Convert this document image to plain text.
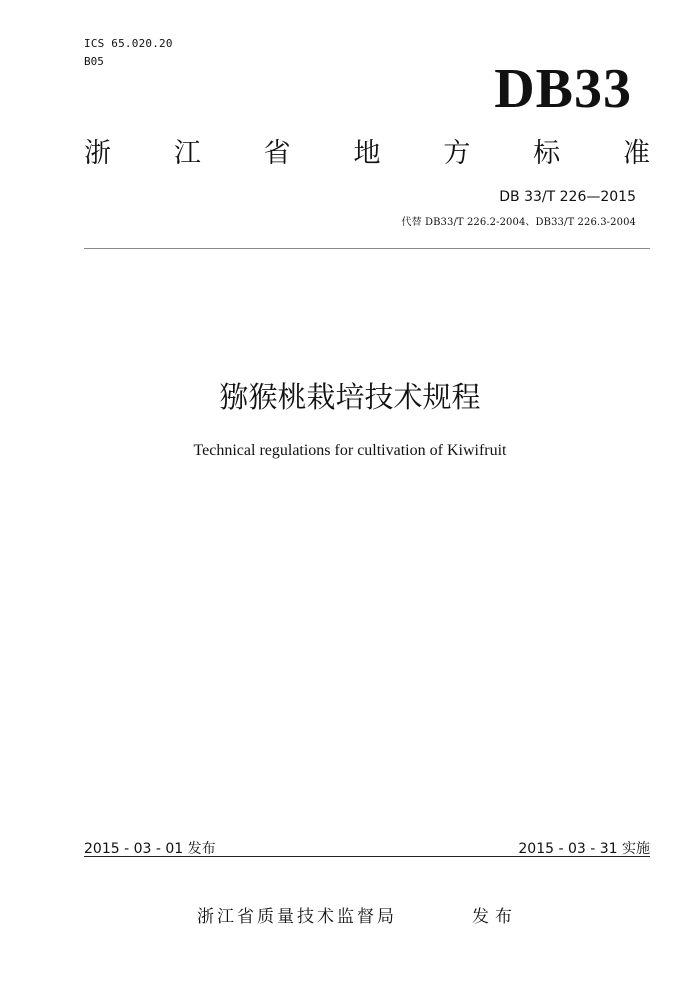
ICS 65.020.20
B05	DB33
浙 江 省 地 方 标 准
DB 33/T 226—2015
代替 DB33/T 226.2-2004、DB33/T 226.3-2004
猕猴桃栽培技术规程
Technical regulations for cultivation of Kiwifruit
2015 - 03 - 01 发布	2015 - 03 - 31 实施
浙江省质量技术监督局	发布
